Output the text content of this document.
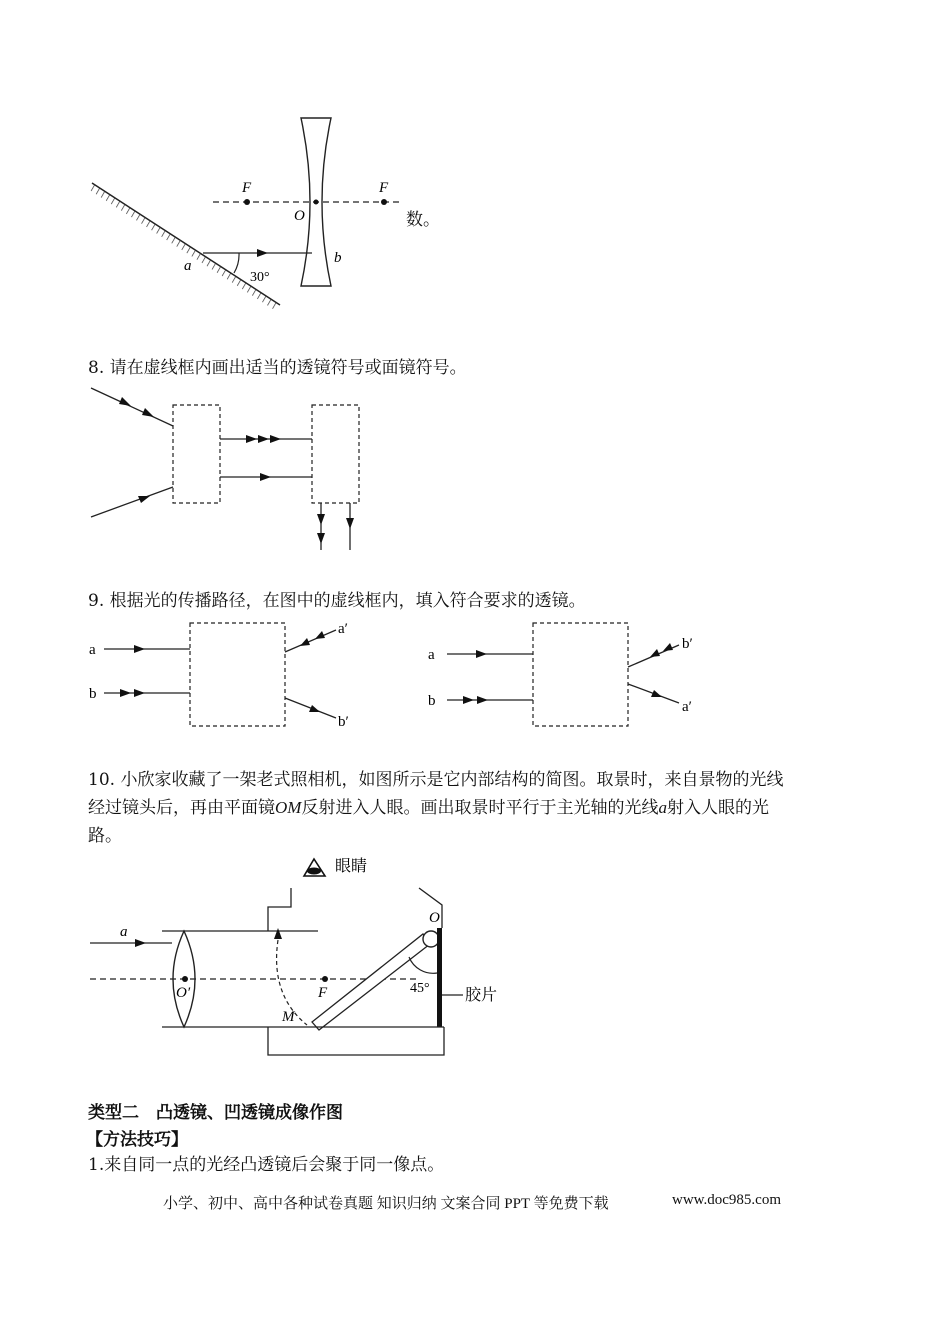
F	F
O
a	b
30°
数。
8. 请在虚线框内画出适当的透镜符号或面镜符号。
9. 根据光的传播路径，在图中的虚线框内，填入符合要求的透镜。
a
b
a′
b′
a
b
b′
a′
10. 小欣家收藏了一架老式照相机，如图所示是它内部结构的简图。取景时，来自景物的光线
经过镜头后，再由平面镜OM反射进入人眼。画出取景时平行于主光轴的光线a射入人眼的光
路。
眼睛
a
O′	F
M
O
45° 胶片
类型二　凸透镜、凹透镜成像作图
【方法技巧】
1.来自同一点的光经凸透镜后会聚于同一像点。
小学、初中、高中各种试卷真题 知识归纳 文案合同 PPT 等免费下载	www.doc985.com
